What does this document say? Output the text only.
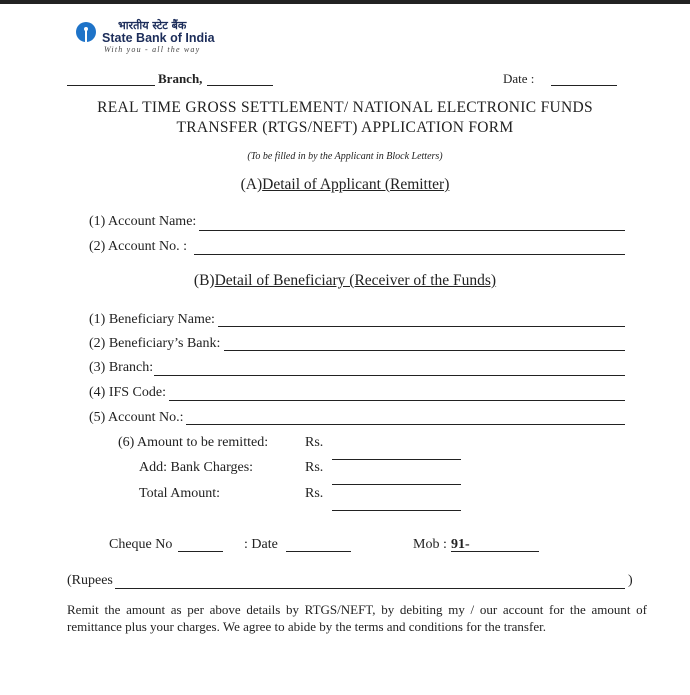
भारतीय स्टेट बैंक
State Bank of India
With you - all the way
Branch,	Date :
REAL TIME GROSS SETTLEMENT/ NATIONAL ELECTRONIC FUNDS
TRANSFER (RTGS/NEFT) APPLICATION FORM
(To be filled in by the Applicant in Block Letters)
(A)Detail of Applicant (Remitter)
(1) Account Name:
(2) Account No. :
(B)Detail of Beneficiary (Receiver of the Funds)
(1) Beneficiary Name:
(2) Beneficiary’s Bank:
(3) Branch:
(4) IFS Code:
(5) Account No.:
(6) Amount to be remitted:	Rs.
Add: Bank Charges:	Rs.
Total Amount:	Rs.
Cheque No	: Date	Mob : 91-
(Rupees	)
Remit the amount as per above details by RTGS/NEFT, by debiting my / our account for the amount of remittance plus your charges. We agree to abide by the terms and conditions for the transfer.
